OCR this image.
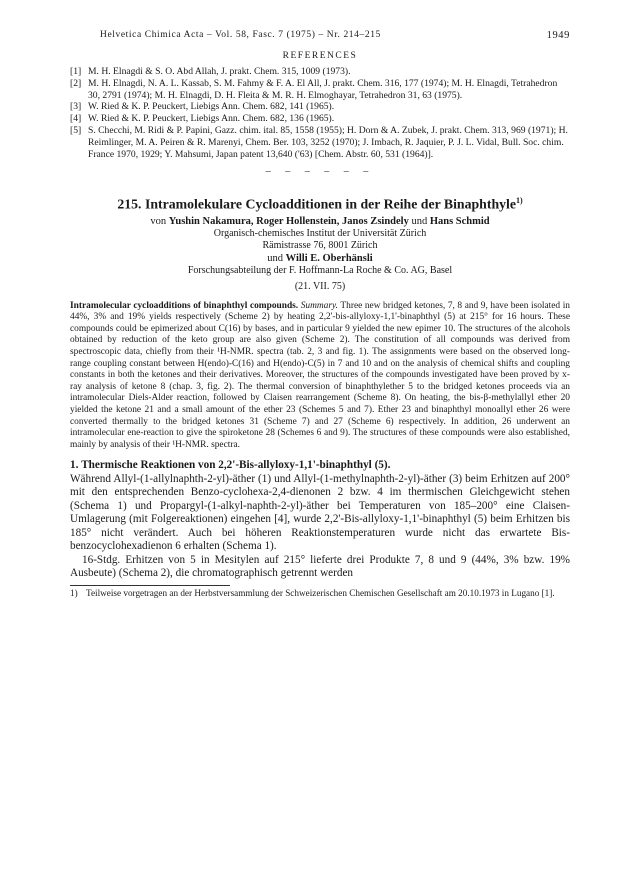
Helvetica Chimica Acta – Vol. 58, Fasc. 7 (1975) – Nr. 214–215	1949
REFERENCES
[1] M. H. Elnagdi & S. O. Abd Allah, J. prakt. Chem. 315, 1009 (1973).
[2] M. H. Elnagdi, N. A. L. Kassab, S. M. Fahmy & F. A. El All, J. prakt. Chem. 316, 177 (1974); M. H. Elnagdi, Tetrahedron 30, 2791 (1974); M. H. Elnagdi, D. H. Fleita & M. R. H. Elmoghayar, Tetrahedron 31, 63 (1975).
[3] W. Ried & K. P. Peuckert, Liebigs Ann. Chem. 682, 141 (1965).
[4] W. Ried & K. P. Peuckert, Liebigs Ann. Chem. 682, 136 (1965).
[5] S. Checchi, M. Ridi & P. Papini, Gazz. chim. ital. 85, 1558 (1955); H. Dorn & A. Zubek, J. prakt. Chem. 313, 969 (1971); H. Reimlinger, M. A. Peiren & R. Marenyi, Chem. Ber. 103, 3252 (1970); J. Imbach, R. Jaquier, P. J. L. Vidal, Bull. Soc. chim. France 1970, 1929; Y. Mahsumi, Japan patent 13,640 ('63) [Chem. Abstr. 60, 531 (1964)].
– – – – – –
215. Intramolekulare Cycloadditionen in der Reihe der Binaphthyle$^{1)}$
von Yushin Nakamura, Roger Hollenstein, Janos Zsindely und Hans Schmid
Organisch-chemisches Institut der Universität Zürich
Rämistrasse 76, 8001 Zürich
und Willi E. Oberhänsli
Forschungsabteilung der F. Hoffmann-La Roche & Co. AG, Basel
(21. VII. 75)
Intramolecular cycloadditions of binaphthyl compounds. Summary. Three new bridged ketones, 7, 8 and 9, have been isolated in 44%, 3% and 19% yields respectively (Scheme 2) by heating 2,2'-bis-allyloxy-1,1'-binaphthyl (5) at 215° for 16 hours. These compounds could be epimerized about C(16) by bases, and in particular 9 yielded the new epimer 10. The structures of the alcohols obtained by reduction of the keto group are also given (Scheme 2). The constitution of all compounds was derived from spectroscopic data, chiefly from their ¹H-NMR. spectra (tab. 2, 3 and fig. 1). The assignments were based on the observed long-range coupling constant between H(endo)-C(16) and H(endo)-C(5) in 7 and 10 and on the analysis of chemical shifts and coupling constants in both the ketones and their derivatives. Moreover, the structures of the compounds investigated have been proved by x-ray analysis of ketone 8 (chap. 3, fig. 2). The thermal conversion of binaphthylether 5 to the bridged ketones proceeds via an intramolecular Diels-Alder reaction, followed by Claisen rearrangement (Scheme 8). On heating, the bis-β-methylallyl ether 20 yielded the ketone 21 and a small amount of the ether 23 (Schemes 5 and 7). Ether 23 and binaphthyl monoallyl ether 26 were converted thermally to the bridged ketones 31 (Scheme 7) and 27 (Scheme 6) respectively. In addition, 26 underwent an intramolecular ene-reaction to give the spiroketone 28 (Schemes 6 and 9). The structures of these compounds were also established, mainly by analysis of their ¹H-NMR. spectra.
1. Thermische Reaktionen von 2,2'-Bis-allyloxy-1,1'-binaphthyl (5).

Während Allyl-(1-allylnaphth-2-yl)-äther (1) und Allyl-(1-methylnaphth-2-yl)-äther (3) beim Erhitzen auf 200° mit den entsprechenden Benzo-cyclohexa-2,4-dienonen 2 bzw. 4 im thermischen Gleichgewicht stehen (Schema 1) und Propargyl-(1-alkyl-naphth-2-yl)-äther bei Temperaturen von 185–200° eine Claisen-Umlagerung (mit Folgereaktionen) eingehen [4], wurde 2,2'-Bis-allyloxy-1,1'-binaphthyl (5) beim Erhitzen bis 185° nicht verändert. Auch bei höheren Reaktionstemperaturen wurde nicht das erwartete Bis-benzocyclohexadienon 6 erhalten (Schema 1).

16-Stdg. Erhitzen von 5 in Mesitylen auf 215° lieferte drei Produkte 7, 8 und 9 (44%, 3% bzw. 19% Ausbeute) (Schema 2), die chromatographisch getrennt werden

1) Teilweise vorgetragen an der Herbstversammlung der Schweizerischen Chemischen Gesellschaft am 20.10.1973 in Lugano [1].
